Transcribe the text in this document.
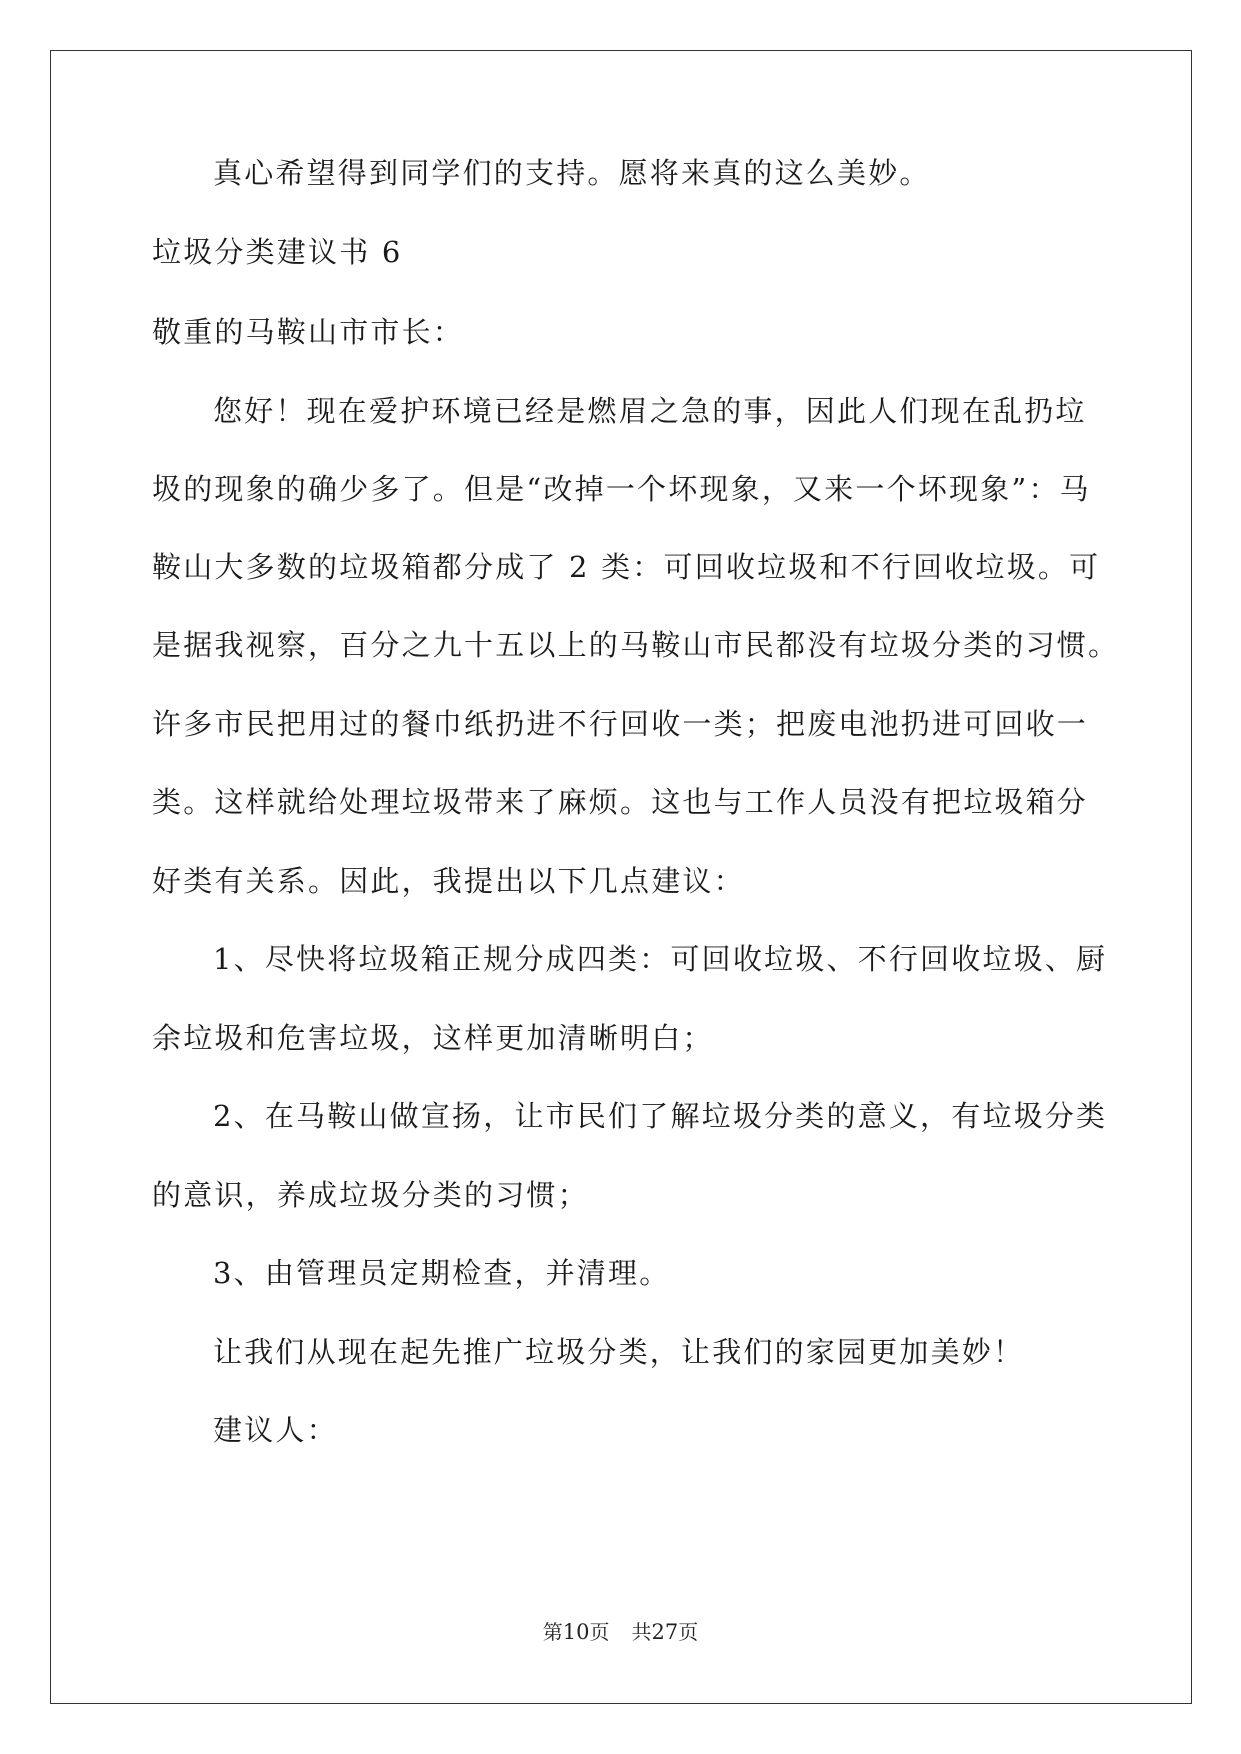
真心希望得到同学们的支持。愿将来真的这么美妙。
垃圾分类建议书 6
敬重的马鞍山市市长：
您好！现在爱护环境已经是燃眉之急的事，因此人们现在乱扔垃
圾的现象的确少多了。但是“改掉一个坏现象，又来一个坏现象”：马
鞍山大多数的垃圾箱都分成了 2 类：可回收垃圾和不行回收垃圾。可
是据我视察，百分之九十五以上的马鞍山市民都没有垃圾分类的习惯。
许多市民把用过的餐巾纸扔进不行回收一类；把废电池扔进可回收一
类。这样就给处理垃圾带来了麻烦。这也与工作人员没有把垃圾箱分
好类有关系。因此，我提出以下几点建议：
1、尽快将垃圾箱正规分成四类：可回收垃圾、不行回收垃圾、厨
余垃圾和危害垃圾，这样更加清晰明白；
2、在马鞍山做宣扬，让市民们了解垃圾分类的意义，有垃圾分类
的意识，养成垃圾分类的习惯；
3、由管理员定期检查，并清理。
让我们从现在起先推广垃圾分类，让我们的家园更加美妙！
建议人：
第10页 共27页
